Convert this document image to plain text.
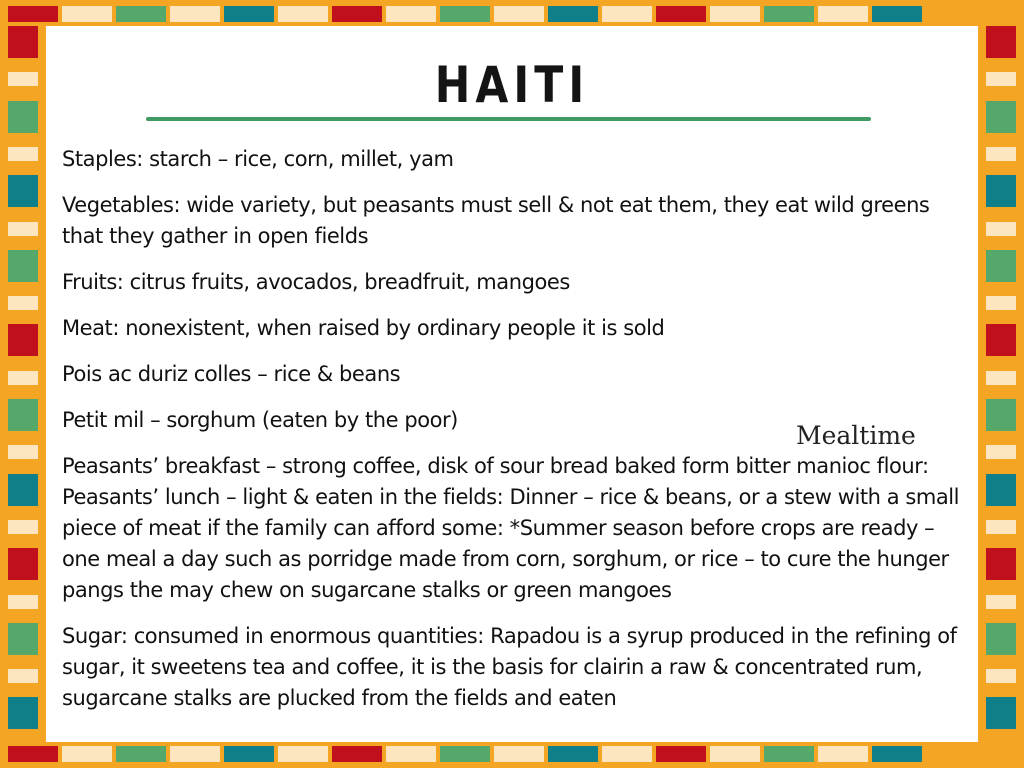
HAITI

Staples: starch – rice, corn, millet, yam

Vegetables: wide variety, but peasants must sell & not eat them, they eat wild greens that they gather in open fields

Fruits: citrus fruits, avocados, breadfruit, mangoes

Meat: nonexistent, when raised by ordinary people it is sold

Pois ac duriz colles – rice & beans

Petit mil – sorghum (eaten by the poor)

Peasants’ breakfast – strong coffee, disk of sour bread baked form bitter manioc flour: Peasants’ lunch – light & eaten in the fields: Dinner – rice & beans, or a stew with a small piece of meat if the family can afford some: *Summer season before crops are ready – one meal a day such as porridge made from corn, sorghum, or rice – to cure the hunger pangs the may chew on sugarcane stalks or green mangoes

Sugar: consumed in enormous quantities: Rapadou is a syrup produced in the refining of sugar, it sweetens tea and coffee, it is the basis for clairin a raw & concentrated rum, sugarcane stalks are plucked from the fields and eaten

Mealtime
